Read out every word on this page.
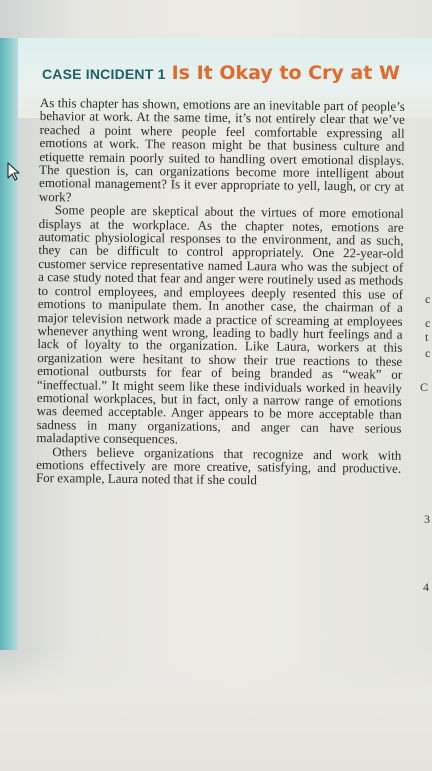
CASE INCIDENT 1 Is It Okay to Cry at W

As this chapter has shown, emotions are an inevitable part of people’s behavior at work. At the same time, it’s not entirely clear that we’ve reached a point where people feel comfortable expressing all emotions at work. The reason might be that business culture and etiquette remain poorly suited to handling overt emotional displays. The question is, can organizations become more intelligent about emotional management? Is it ever appropriate to yell, laugh, or cry at work?

Some people are skeptical about the virtues of more emotional displays at the workplace. As the chapter notes, emotions are automatic physiological responses to the environment, and as such, they can be difficult to control appropriately. One 22-year-old customer service representative named Laura who was the subject of a case study noted that fear and anger were routinely used as methods to control employees, and employees deeply resented this use of emotions to manipulate them. In another case, the chairman of a major television network made a practice of screaming at employees whenever anything went wrong, leading to badly hurt feelings and a lack of loyalty to the organization. Like Laura, workers at this organization were hesitant to show their true reactions to these emotional outbursts for fear of being branded as “weak” or “ineffectual.” It might seem like these individuals worked in heavily emotional workplaces, but in fact, only a narrow range of emotions was deemed acceptable. Anger appears to be more acceptable than sadness in many organizations, and anger can have serious maladaptive consequences.

Others believe organizations that recognize and work with emotions effectively are more creative, satisfying, and productive. For example, Laura noted that if she could

C
3
4
c
c
t
c
